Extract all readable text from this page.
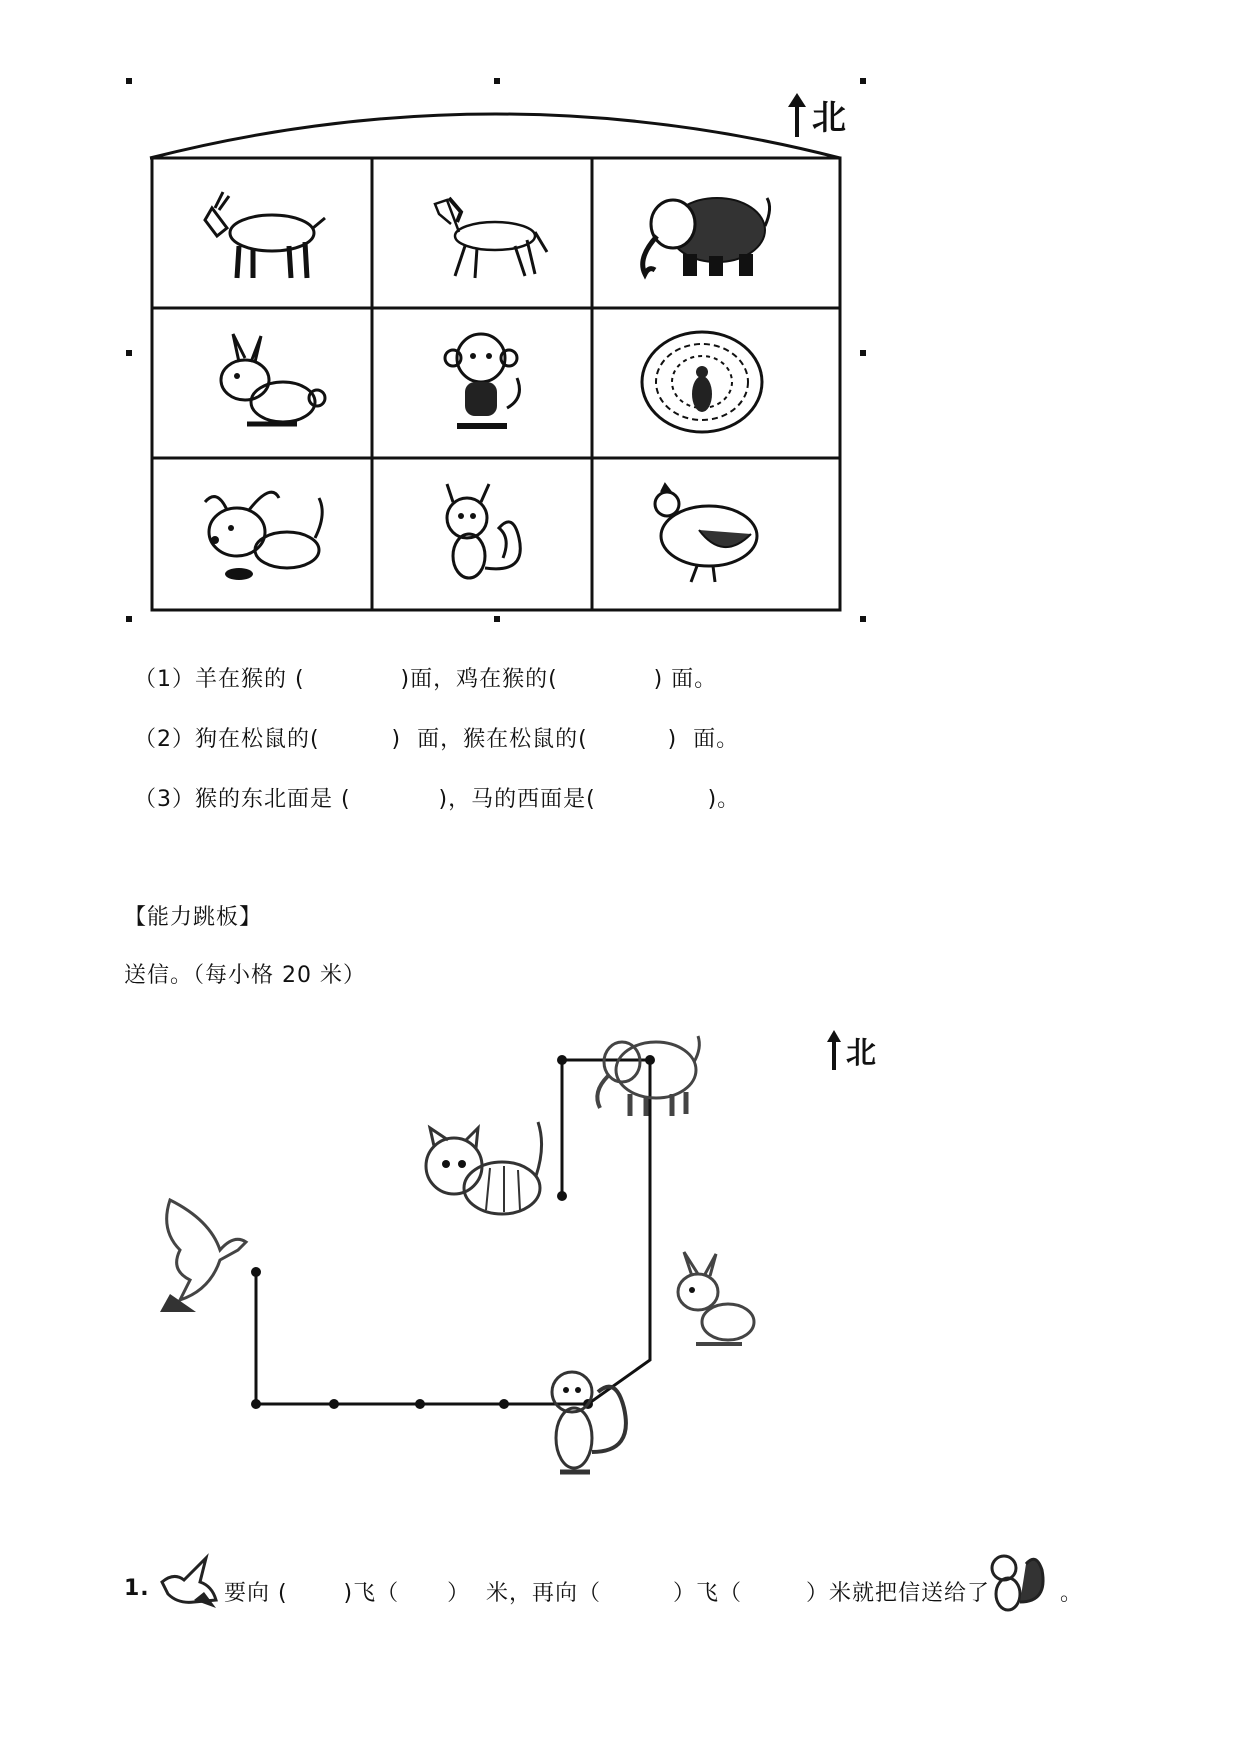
北
（1）羊在猴的 (            )面，鸡在猴的(            ) 面。
（2）狗在松鼠的(         )  面，猴在松鼠的(          )  面。
（3）猴的东北面是 (           )，马的西面是(              )。
【能力跳板】
送信。（每小格 20 米）
北
1.	要向 (       )飞（      ）  米，再向（         ）飞（        ）米就把信送给了	。
